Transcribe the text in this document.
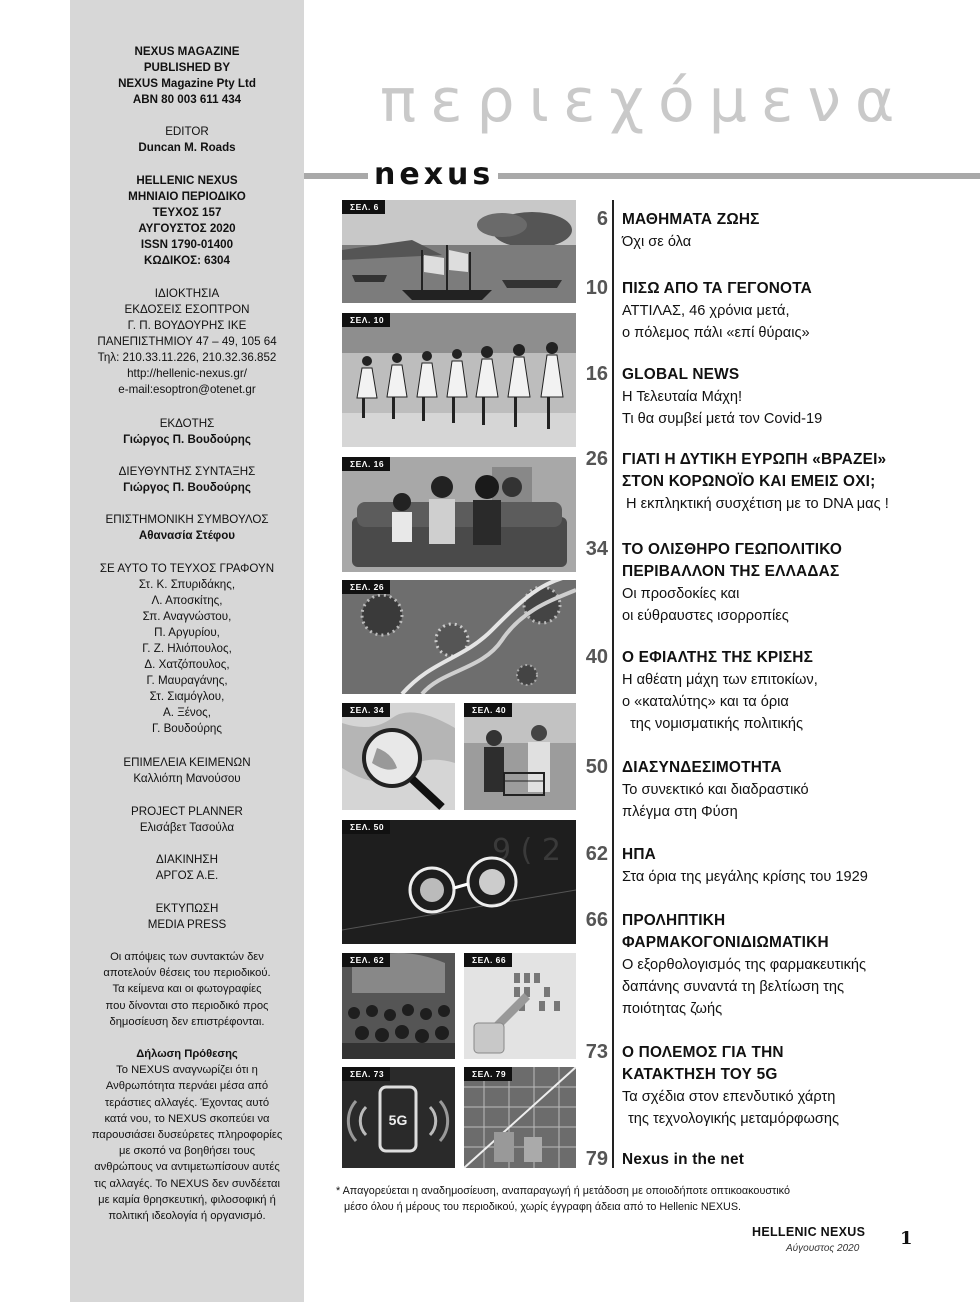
NEXUS MAGAZINE
PUBLISHED BY
NEXUS Magazine Pty Ltd
ABN 80 003 611 434
EDITOR
Duncan M. Roads
HELLENIC NEXUS
ΜΗΝΙΑΙΟ ΠΕΡΙΟΔΙΚΟ
ΤΕΥΧΟΣ 157
ΑΥΓΟΥΣΤΟΣ 2020
ISSN 1790-01400
ΚΩΔΙΚΟΣ: 6304
ΙΔΙΟΚΤΗΣΙΑ
ΕΚΔΟΣΕΙΣ ΕΣΟΠΤΡΟΝ
Γ. Π. ΒΟΥΔΟΥΡΗΣ ΙΚΕ
ΠΑΝΕΠΙΣΤΗΜΙΟΥ 47 – 49, 105 64
Τηλ: 210.33.11.226, 210.32.36.852
http://hellenic-nexus.gr/
e-mail:esoptron@otenet.gr
ΕΚΔΟΤΗΣ
Γιώργος Π. Βουδούρης
ΔΙΕΥΘΥΝΤΗΣ ΣΥΝΤΑΞΗΣ
Γιώργος Π. Βουδούρης
ΕΠΙΣΤΗΜΟΝΙΚΗ ΣΥΜΒΟΥΛΟΣ
Αθανασία Στέφου
ΣΕ ΑΥΤΟ ΤΟ ΤΕΥΧΟΣ ΓΡΑΦΟΥΝ
Στ. Κ. Σπυριδάκης,
Λ. Αποσκίτης,
Σπ. Αναγνώστου,
Π. Αργυρίου,
Γ. Ζ. Ηλιόπουλος,
Δ. Χατζόπουλος,
Γ. Μαυραγάνης,
Στ. Σιαμόγλου,
Α. Ξένος,
Γ. Βουδούρης
ΕΠΙΜΕΛΕΙΑ ΚΕΙΜΕΝΩΝ
Καλλιόπη Μανούσου
PROJECT PLANNER
Ελισάβετ Τασούλα
ΔΙΑΚΙΝΗΣΗ
ΑΡΓΟΣ Α.Ε.
ΕΚΤΥΠΩΣΗ
MEDIA PRESS
Οι απόψεις των συντακτών δεν
αποτελούν θέσεις του περιοδικού.
Τα κείμενα και οι φωτογραφίες
που δίνονται στο περιοδικό προς
δημοσίευση δεν επιστρέφονται.
Δήλωση Πρόθεσης
Το NEXUS αναγνωρίζει ότι η
Ανθρωπότητα περνάει μέσα από
τεράστιες αλλαγές. Έχοντας αυτό
κατά νου, το NEXUS σκοπεύει να
παρουσιάσει δυσεύρετες πληροφορίες
με σκοπό να βοηθήσει τους
ανθρώπους να αντιμετωπίσουν αυτές
τις αλλαγές. Το NEXUS δεν συνδέεται
με καμία θρησκευτική, φιλοσοφική ή
πολιτική ιδεολογία ή οργανισμό.
περιεχόμενα
nexus
ΣΕΛ. 6
ΣΕΛ. 10
ΣΕΛ. 16
ΣΕΛ. 26
ΣΕΛ. 34	ΣΕΛ. 40
9 ( 2
ΣΕΛ. 50
ΣΕΛ. 62	ΣΕΛ. 66
5G
ΣΕΛ. 73	ΣΕΛ. 79
6 ΜΑΘΗΜΑΤΑ ΖΩΗΣ
Όχι σε όλα
10 ΠΙΣΩ ΑΠΟ ΤΑ ΓΕΓΟΝΟΤΑ
ΑΤΤΙΛΑΣ, 46 χρόνια μετά,
ο πόλεμος πάλι «επί θύραις»
16 GLOBAL NEWS
Η Τελευταία Μάχη!
Τι θα συμβεί μετά τον Covid-19
26 ΓΙΑΤΙ Η ΔΥΤΙΚΗ ΕΥΡΩΠΗ «ΒΡΑΖΕΙ»
ΣΤΟΝ ΚΟΡΩΝΟΪΟ ΚΑΙ ΕΜΕΙΣ ΟΧΙ;
Η εκπληκτική συσχέτιση με το DNA μας !
34 ΤΟ ΟΛΙΣΘΗΡΟ ΓΕΩΠΟΛΙΤΙΚΟ
ΠΕΡΙΒΑΛΛΟΝ ΤΗΣ ΕΛΛΑΔΑΣ
Οι προσδοκίες και
οι εύθραυστες ισορροπίες
40 Ο ΕΦΙΑΛΤΗΣ ΤΗΣ ΚΡΙΣΗΣ
Η αθέατη μάχη των επιτοκίων,
ο «καταλύτης» και τα όρια
της νομισματικής πολιτικής
50 ΔΙΑΣΥΝΔΕΣΙΜΟΤΗΤΑ
Το συνεκτικό και διαδραστικό
πλέγμα στη Φύση
62 ΗΠΑ
Στα όρια της μεγάλης κρίσης του 1929
66 ΠΡΟΛΗΠΤΙΚΗ
ΦΑΡΜΑΚΟΓΟΝΙΔΙΩΜΑΤΙΚΗ
Ο εξορθολογισμός της φαρμακευτικής
δαπάνης συναντά τη βελτίωση της
ποιότητας ζωής
73 Ο ΠΟΛΕΜΟΣ ΓΙΑ ΤΗΝ
ΚΑΤΑΚΤΗΣΗ ΤΟΥ 5G
Τα σχέδια στον επενδυτικό χάρτη
της τεχνολογικής μεταμόρφωσης
79 Nexus in the net
* Απαγορεύεται η αναδημοσίευση, αναπαραγωγή ή μετάδοση με οποιοδήποτε οπτικοακουστικό
μέσο όλου ή μέρους του περιοδικού, χωρίς έγγραφη άδεια από το Hellenic NEXUS.
HELLENIC NEXUS
Αύγουστος 2020 1
